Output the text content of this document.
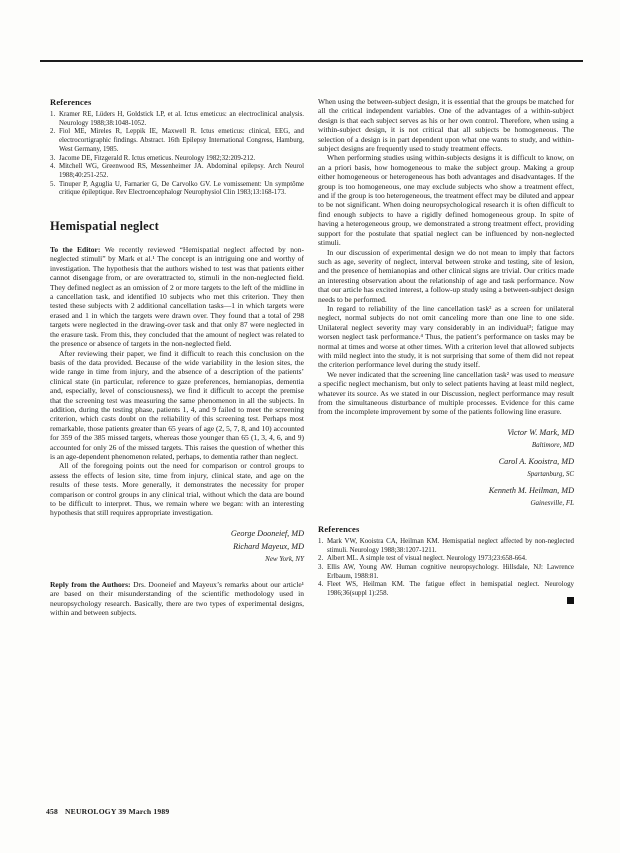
References
1. Kramer RE, Lüders H, Goldstick LP, et al. Ictus emeticus: an electroclinical analysis. Neurology 1988;38:1048-1052.
2. Fiol ME, Mireles R, Leppik IE, Maxwell R. Ictus emeticus: clinical, EEG, and electrocortigraphic findings. Abstract. 16th Epilepsy International Congress, Hamburg, West Germany, 1985.
3. Jacome DE, Fitzgerald R. Ictus emeticus. Neurology 1982;32:209-212.
4. Mitchell WG, Greenwood RS, Messenheimer JA. Abdominal epilepsy. Arch Neurol 1988;40:251-252.
5. Tinuper P, Aguglia U, Farnarier G, De Carvolko GV. Le vomissement: Un symptôme critique épileptique. Rev Electroencephalogr Neurophysiol Clin 1983;13:168-173.
Hemispatial neglect

To the Editor: We recently reviewed “Hemispatial neglect affected by non-neglected stimuli” by Mark et al.¹ The concept is an intriguing one and worthy of investigation. The hypothesis that the authors wished to test was that patients either cannot disengage from, or are overattracted to, stimuli in the non-neglected field. They defined neglect as an omission of 2 or more targets to the left of the midline in a cancellation task, and identified 10 subjects who met this criterion. They then tested these subjects with 2 additional cancellation tasks—1 in which targets were erased and 1 in which the targets were drawn over. They found that a total of 298 targets were neglected in the drawing-over task and that only 87 were neglected in the erasure task. From this, they concluded that the amount of neglect was related to the presence or absence of targets in the non-neglected field.

After reviewing their paper, we find it difficult to reach this conclusion on the basis of the data provided. Because of the wide variability in the lesion sites, the wide range in time from injury, and the absence of a description of the patients’ clinical state (in particular, reference to gaze preferences, hemianopias, dementia and, especially, level of consciousness), we find it difficult to accept the premise that the screening test was measuring the same phenomenon in all the subjects. In addition, during the testing phase, patients 1, 4, and 9 failed to meet the screening criterion, which casts doubt on the reliability of this screening test. Perhaps most remarkable, those patients greater than 65 years of age (2, 5, 7, 8, and 10) accounted for 359 of the 385 missed targets, whereas those younger than 65 (1, 3, 4, 6, and 9) accounted for only 26 of the missed targets. This raises the question of whether this is an age-dependent phenomenon related, perhaps, to dementia rather than neglect.

All of the foregoing points out the need for comparison or control groups to assess the effects of lesion site, time from injury, clinical state, and age on the results of these tests. More generally, it demonstrates the necessity for proper comparison or control groups in any clinical trial, without which the data are bound to be difficult to interpret. Thus, we remain where we began: with an interesting hypothesis that still requires appropriate investigation.

George Dooneief, MD
Richard Mayeux, MD
New York, NY

Reply from the Authors: Drs. Dooneief and Mayeux’s remarks about our article¹ are based on their misunderstanding of the scientific methodology used in neuropsychology research. Basically, there are two types of experimental designs, within and between subjects.

When using the between-subject design, it is essential that the groups be matched for all the critical independent variables. One of the advantages of a within-subject design is that each subject serves as his or her own control. Therefore, when using a within-subject design, it is not critical that all subjects be homogeneous. The selection of a design is in part dependent upon what one wants to study, and within-subject designs are frequently used to study treatment effects.

When performing studies using within-subjects designs it is difficult to know, on an a priori basis, how homogeneous to make the subject group. Making a group either homogeneous or heterogeneous has both advantages and disadvantages. If the group is too homogeneous, one may exclude subjects who show a treatment effect, and if the group is too heterogeneous, the treatment effect may be diluted and appear to be not significant. When doing neuropsychological research it is often difficult to find enough subjects to have a rigidly defined homogeneous group. In spite of having a heterogeneous group, we demonstrated a strong treatment effect, providing support for the postulate that spatial neglect can be influenced by non-neglected stimuli.

In our discussion of experimental design we do not mean to imply that factors such as age, severity of neglect, interval between stroke and testing, site of lesion, and the presence of hemianopias and other clinical signs are trivial. Our critics made an interesting observation about the relationship of age and task performance. Now that our article has excited interest, a follow-up study using a between-subject design needs to be performed.

In regard to reliability of the line cancellation task² as a screen for unilateral neglect, normal subjects do not omit canceling more than one line to one side. Unilateral neglect severity may vary considerably in an individual³; fatigue may worsen neglect task performance.⁴ Thus, the patient’s performance on tasks may be normal at times and worse at other times. With a criterion level that allowed subjects with mild neglect into the study, it is not surprising that some of them did not repeat the criterion performance level during the study itself.

We never indicated that the screening line cancellation task² was used to measure a specific neglect mechanism, but only to select patients having at least mild neglect, whatever its source. As we stated in our Discussion, neglect performance may result from the simultaneous disturbance of multiple processes. Evidence for this came from the incomplete improvement by some of the patients following line erasure.

Victor W. Mark, MD
Baltimore, MD
Carol A. Kooistra, MD
Spartanburg, SC
Kenneth M. Heilman, MD
Gainesville, FL
References
1. Mark VW, Kooistra CA, Heilman KM. Hemispatial neglect affected by non-neglected stimuli. Neurology 1988;38:1207-1211.
2. Albert ML. A simple test of visual neglect. Neurology 1973;23:658-664.
3. Ellis AW, Young AW. Human cognitive neuropsychology. Hillsdale, NJ: Lawrence Erlbaum, 1988:81.
4. Fleet WS, Heilman KM. The fatigue effect in hemispatial neglect. Neurology 1986;36(suppl 1):258.
458 NEUROLOGY 39 March 1989
